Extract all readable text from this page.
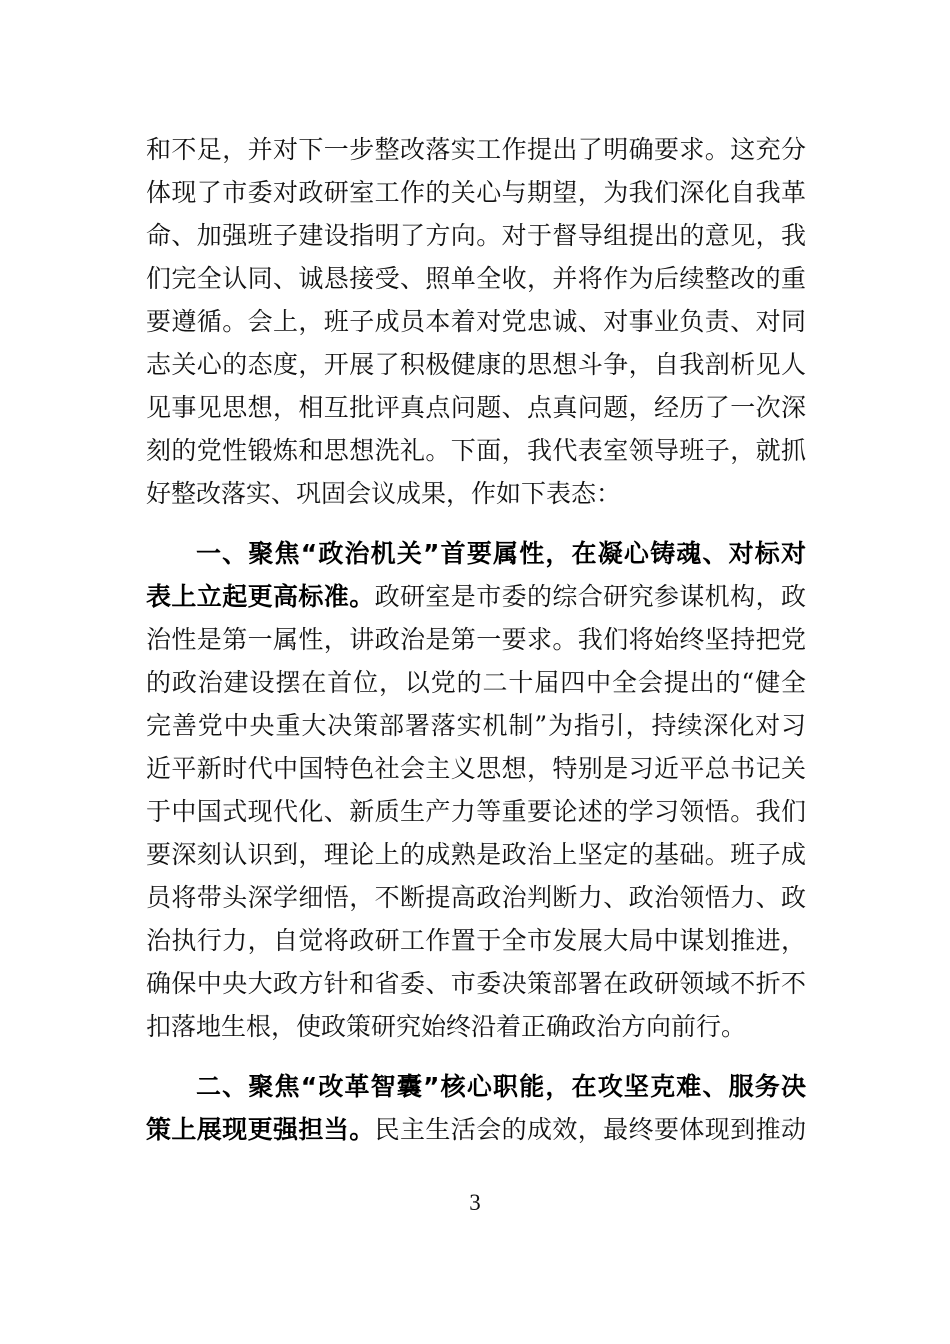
和不足，并对下一步整改落实工作提出了明确要求。这充分
体现了市委对政研室工作的关心与期望，为我们深化自我革
命、加强班子建设指明了方向。对于督导组提出的意见，我
们完全认同、诚恳接受、照单全收，并将作为后续整改的重
要遵循。会上，班子成员本着对党忠诚、对事业负责、对同
志关心的态度，开展了积极健康的思想斗争，自我剖析见人
见事见思想，相互批评真点问题、点真问题，经历了一次深
刻的党性锻炼和思想洗礼。下面，我代表室领导班子，就抓
好整改落实、巩固会议成果，作如下表态：
一、聚焦“政治机关”首要属性，在凝心铸魂、对标对
表上立起更高标准。政研室是市委的综合研究参谋机构，政
治性是第一属性，讲政治是第一要求。我们将始终坚持把党
的政治建设摆在首位，以党的二十届四中全会提出的“健全
完善党中央重大决策部署落实机制”为指引，持续深化对习
近平新时代中国特色社会主义思想，特别是习近平总书记关
于中国式现代化、新质生产力等重要论述的学习领悟。我们
要深刻认识到，理论上的成熟是政治上坚定的基础。班子成
员将带头深学细悟，不断提高政治判断力、政治领悟力、政
治执行力，自觉将政研工作置于全市发展大局中谋划推进，
确保中央大政方针和省委、市委决策部署在政研领域不折不
扣落地生根，使政策研究始终沿着正确政治方向前行。
二、聚焦“改革智囊”核心职能，在攻坚克难、服务决
策上展现更强担当。民主生活会的成效，最终要体现到推动
3
